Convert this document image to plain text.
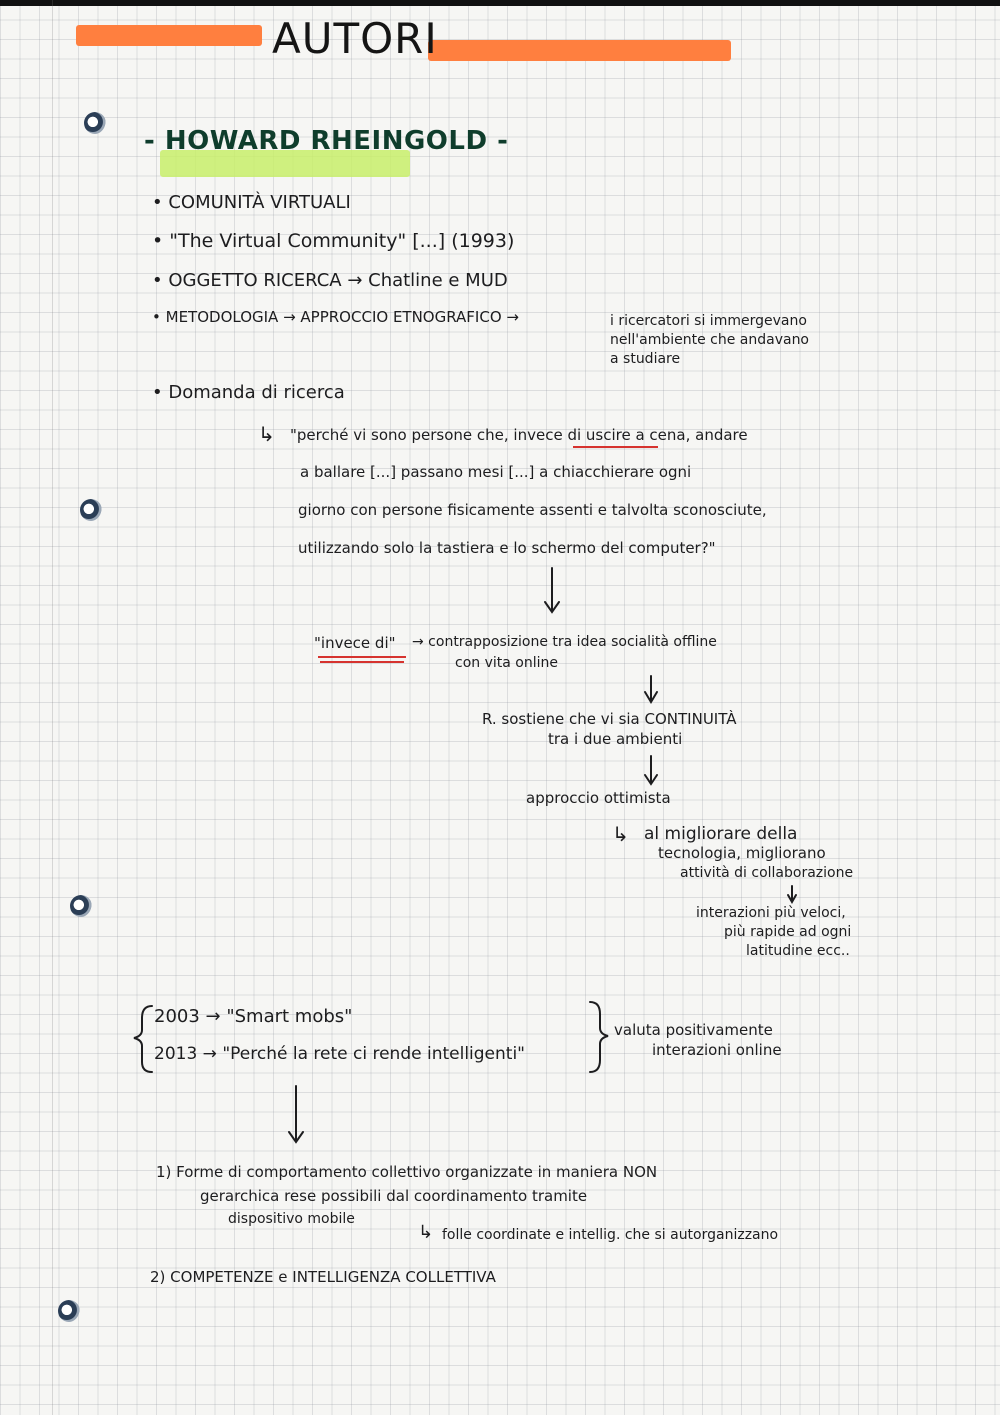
AUTORI
- HOWARD RHEINGOLD -
• COMUNITÀ VIRTUALI
• "The Virtual Community" [...] (1993)
• OGGETTO RICERCA → Chatline e MUD
• METODOLOGIA → APPROCCIO ETNOGRAFICO →	i ricercatori si immergevano
nell'ambiente che andavano
a studiare
• Domanda di ricerca
↳ "perché vi sono persone che, invece di uscire a cena, andare
a ballare [...] passano mesi [...] a chiacchierare ogni
giorno con persone fisicamente assenti e talvolta sconosciute,
utilizzando solo la tastiera e lo schermo del computer?"
"invece di" → contrapposizione tra idea socialità offline
con vita online
R. sostiene che vi sia CONTINUITÀ
tra i due ambienti
approccio ottimista
↳ al migliorare della
tecnologia, migliorano
attività di collaborazione
interazioni più veloci,
più rapide ad ogni
latitudine ecc..
2003 → "Smart mobs"
2013 → "Perché la rete ci rende intelligenti"
valuta positivamente
interazioni online
1) Forme di comportamento collettivo organizzate in maniera NON
gerarchica rese possibili dal coordinamento tramite
dispositivo mobile
↳ folle coordinate e intellig. che si autorganizzano
2) COMPETENZE e INTELLIGENZA COLLETTIVA
